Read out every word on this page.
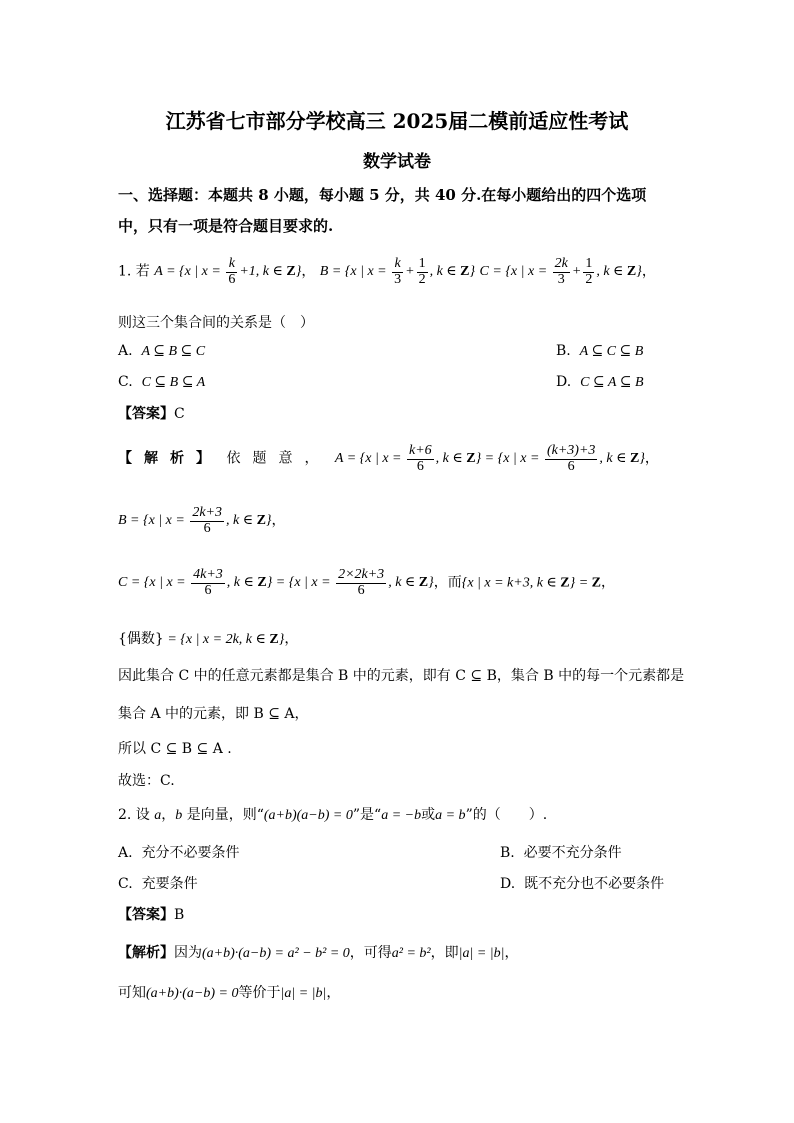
江苏省七市部分学校高三 2025届二模前适应性考试
数学试卷
一、选择题：本题共 8 小题，每小题 5 分，共 40 分.在每小题给出的四个选项
中，只有一项是符合题目要求的.
1. 若 A = {x | $x = \frac{k}{6} +1$, k ∈ Z}， B = {x | $x = \frac{k}{3} + \frac{1}{2}$ , k ∈ Z} C = {x | $x = \frac{2k}{3} + \frac{1}{2}$ , k ∈ Z}，
则这三个集合间的关系是（　）
A. A ⊆ B ⊆ C	B. A ⊆ C ⊆ B
C. C ⊆ B ⊆ A	D. C ⊆ A ⊆ B
【答案】C
【解析】 依题意， A = {x | $x = \frac{k+6}{6}$ , k ∈ Z} = {x | $x = \frac{(k+3)+3}{6}$ , k ∈ Z}，
B = {x | $x = \frac{2k+3}{6}$ , k ∈ Z}，
C = {x | $x = \frac{4k+3}{6}$ , k ∈ Z} = {x | $x = \frac{2\times 2k+3}{6}$ , k ∈ Z}，而{x | x = k+3, k ∈ Z} = Z，
{偶数} = {x | x = 2k, k ∈ Z}，
因此集合 C 中的任意元素都是集合 B 中的元素，即有 C ⊆ B，集合 B 中的每一个元素都是
集合 A 中的元素，即 B ⊆ A，
所以 C ⊆ B ⊆ A .
故选：C.
2. 设 a，b 是向量，则“(a+b)(a−b) = 0”是“a = −b或a = b”的（　　）.
A. 充分不必要条件	B. 必要不充分条件
C. 充要条件	D. 既不充分也不必要条件
【答案】B
【解析】因为(a+b)·(a−b) = a² − b² = 0，可得a² = b²，即|a| = |b|，
可知(a+b)·(a−b) = 0等价于|a| = |b|，
